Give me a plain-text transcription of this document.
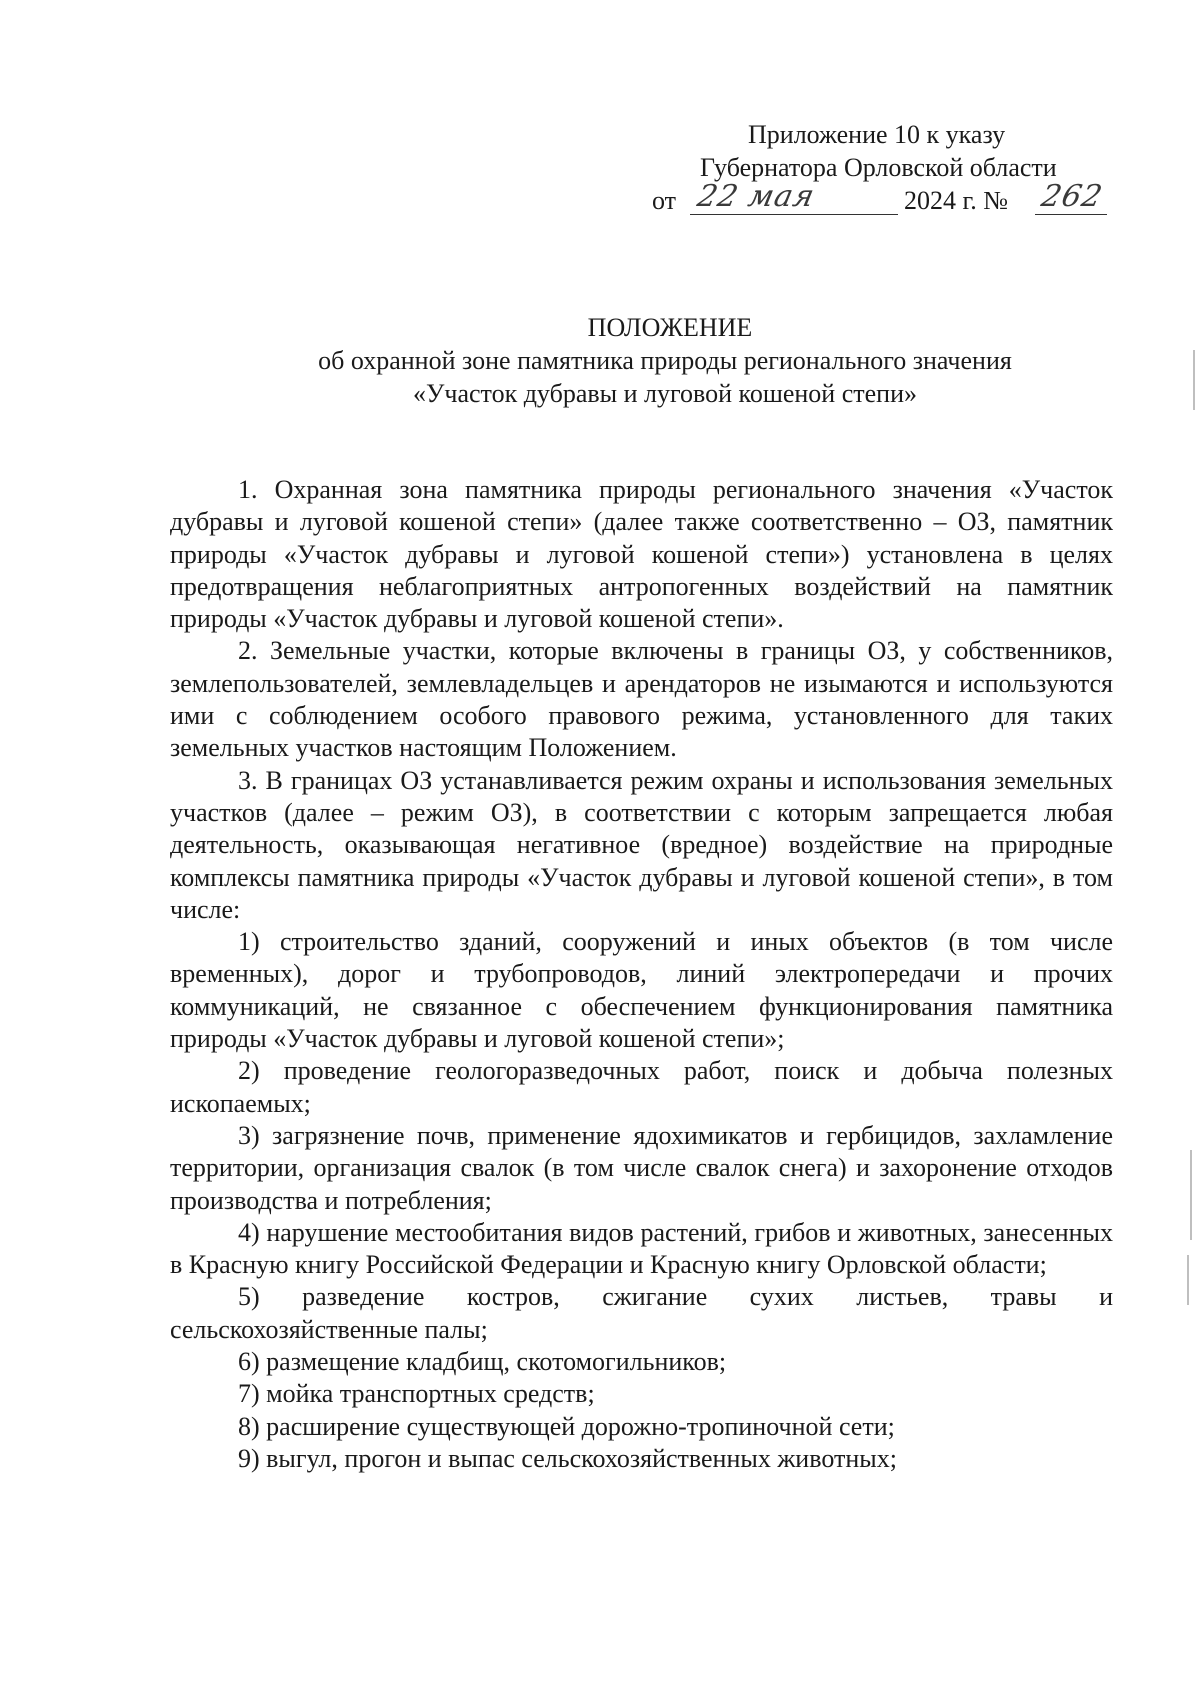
Приложение 10 к указу
Губернатора Орловской области
от 22 мая	2024 г. № 262
ПОЛОЖЕНИЕ
об охранной зоне памятника природы регионального значения
«Участок дубравы и луговой кошеной степи»

1. Охранная зона памятника природы регионального значения «Участок дубравы и луговой кошеной степи» (далее также соответственно – ОЗ, памятник природы «Участок дубравы и луговой кошеной степи») установлена в целях предотвращения неблагоприятных антропогенных воздействий на памятник природы «Участок дубравы и луговой кошеной степи».

2. Земельные участки, которые включены в границы ОЗ, у собственников, землепользователей, землевладельцев и арендаторов не изымаются и используются ими с соблюдением особого правового режима, установленного для таких земельных участков настоящим Положением.

3. В границах ОЗ устанавливается режим охраны и использования земельных участков (далее – режим ОЗ), в соответствии с которым запрещается любая деятельность, оказывающая негативное (вредное) воздействие на природные комплексы памятника природы «Участок дубравы и луговой кошеной степи», в том числе:

1) строительство зданий, сооружений и иных объектов (в том числе временных), дорог и трубопроводов, линий электропередачи и прочих коммуникаций, не связанное с обеспечением функционирования памятника природы «Участок дубравы и луговой кошеной степи»;

2) проведение геологоразведочных работ, поиск и добыча полезных ископаемых;

3) загрязнение почв, применение ядохимикатов и гербицидов, захламление территории, организация свалок (в том числе свалок снега) и захоронение отходов производства и потребления;

4) нарушение местообитания видов растений, грибов и животных, занесенных в Красную книгу Российской Федерации и Красную книгу Орловской области;

5) разведение костров, сжигание сухих листьев, травы и сельскохозяйственные палы;

6) размещение кладбищ, скотомогильников;

7) мойка транспортных средств;

8) расширение существующей дорожно-тропиночной сети;

9) выгул, прогон и выпас сельскохозяйственных животных;
